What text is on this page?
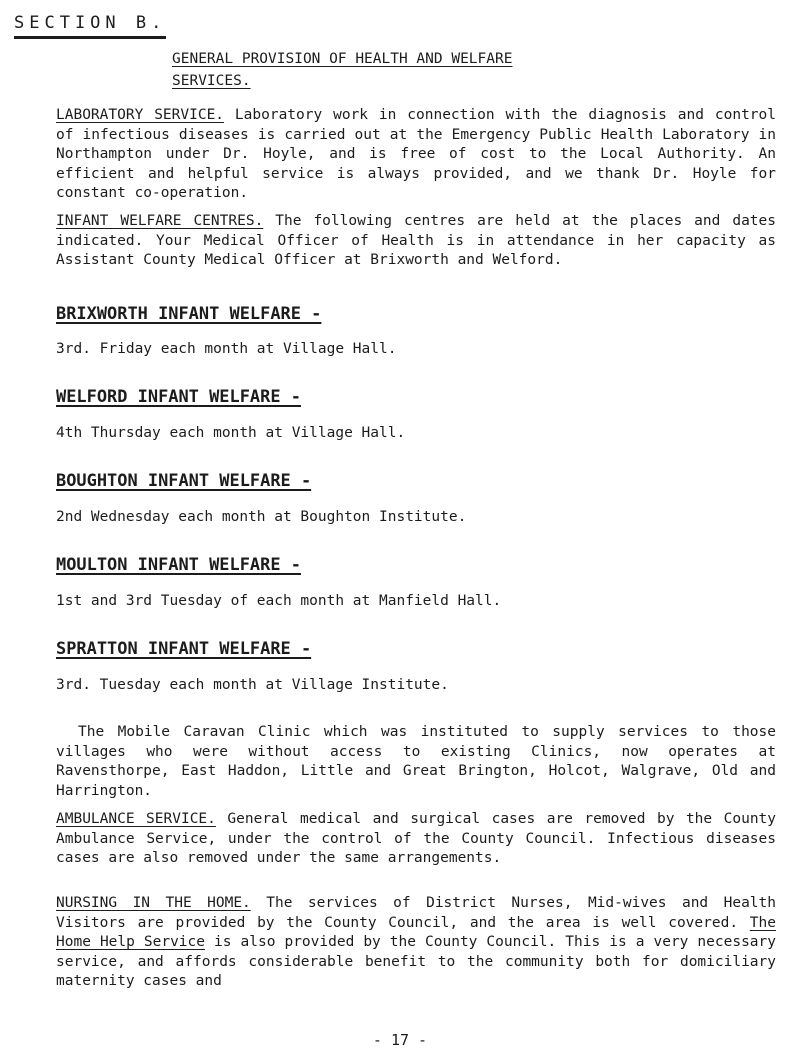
SECTION B.
GENERAL PROVISION OF HEALTH AND WELFARE
SERVICES.

LABORATORY SERVICE. Laboratory work in connection with the diagnosis and control of infectious diseases is carried out at the Emergency Public Health Laboratory in Northampton under Dr. Hoyle, and is free of cost to the Local Authority. An efficient and helpful service is always provided, and we thank Dr. Hoyle for constant co-operation.

INFANT WELFARE CENTRES. The following centres are held at the places and dates indicated. Your Medical Officer of Health is in attendance in her capacity as Assistant County Medical Officer at Brixworth and Welford.

BRIXWORTH INFANT WELFARE -

3rd. Friday each month at Village Hall.

WELFORD INFANT WELFARE -

4th Thursday each month at Village Hall.

BOUGHTON INFANT WELFARE -

2nd Wednesday each month at Boughton Institute.

MOULTON INFANT WELFARE -

1st and 3rd Tuesday of each month at Manfield Hall.

SPRATTON INFANT WELFARE -

3rd. Tuesday each month at Village Institute.

The Mobile Caravan Clinic which was instituted to supply services to those villages who were without access to existing Clinics, now operates at Ravensthorpe, East Haddon, Little and Great Brington, Holcot, Walgrave, Old and Harrington.

AMBULANCE SERVICE. General medical and surgical cases are removed by the County Ambulance Service, under the control of the County Council. Infectious diseases cases are also removed under the same arrangements.

NURSING IN THE HOME. The services of District Nurses, Mid-wives and Health Visitors are provided by the County Council, and the area is well covered. The Home Help Service is also provided by the County Council. This is a very necessary service, and affords considerable benefit to the community both for domiciliary maternity cases and

- 17 -
